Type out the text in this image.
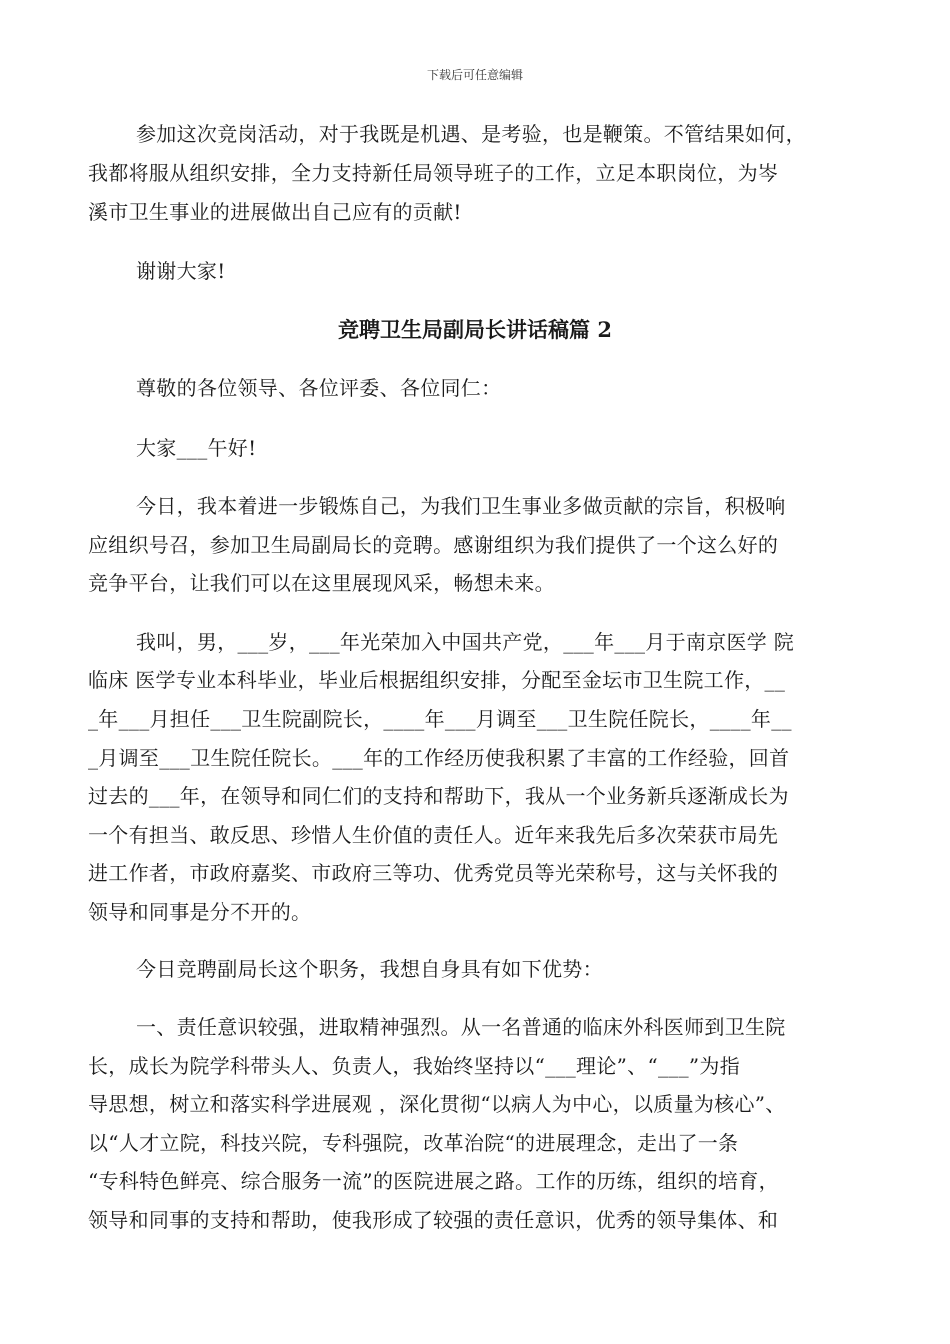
下载后可任意编辑
参加这次竞岗活动，对于我既是机遇、是考验，也是鞭策。不管结果如何，
我都将服从组织安排，全力支持新任局领导班子的工作，立足本职岗位，为岑
溪市卫生事业的进展做出自己应有的贡献!
谢谢大家!
竞聘卫生局副局长讲话稿篇 2
尊敬的各位领导、各位评委、各位同仁：
大家___午好!
今日，我本着进一步锻炼自己，为我们卫生事业多做贡献的宗旨，积极响
应组织号召，参加卫生局副局长的竞聘。感谢组织为我们提供了一个这么好的
竞争平台，让我们可以在这里展现风采，畅想未来。
我叫，男，___岁，___年光荣加入中国共产党，___年___月于南京医学 院
临床 医学专业本科毕业，毕业后根据组织安排，分配至金坛市卫生院工作，__
_年___月担任___卫生院副院长，____年___月调至___卫生院任院长，____年__
_月调至___卫生院任院长。___年的工作经历使我积累了丰富的工作经验，回首
过去的___年，在领导和同仁们的支持和帮助下，我从一个业务新兵逐渐成长为
一个有担当、敢反思、珍惜人生价值的责任人。近年来我先后多次荣获市局先
进工作者，市政府嘉奖、市政府三等功、优秀党员等光荣称号，这与关怀我的
领导和同事是分不开的。
今日竞聘副局长这个职务，我想自身具有如下优势：
一、责任意识较强，进取精神强烈。从一名普通的临床外科医师到卫生院
长，成长为院学科带头人、负责人，我始终坚持以“___理论”、“___”为指
导思想，树立和落实科学进展观 ，深化贯彻“以病人为中心，以质量为核心”、
以“人才立院，科技兴院，专科强院，改革治院“的进展理念，走出了一条
“专科特色鲜亮、综合服务一流”的医院进展之路。工作的历练，组织的培育，
领导和同事的支持和帮助，使我形成了较强的责任意识，优秀的领导集体、和
